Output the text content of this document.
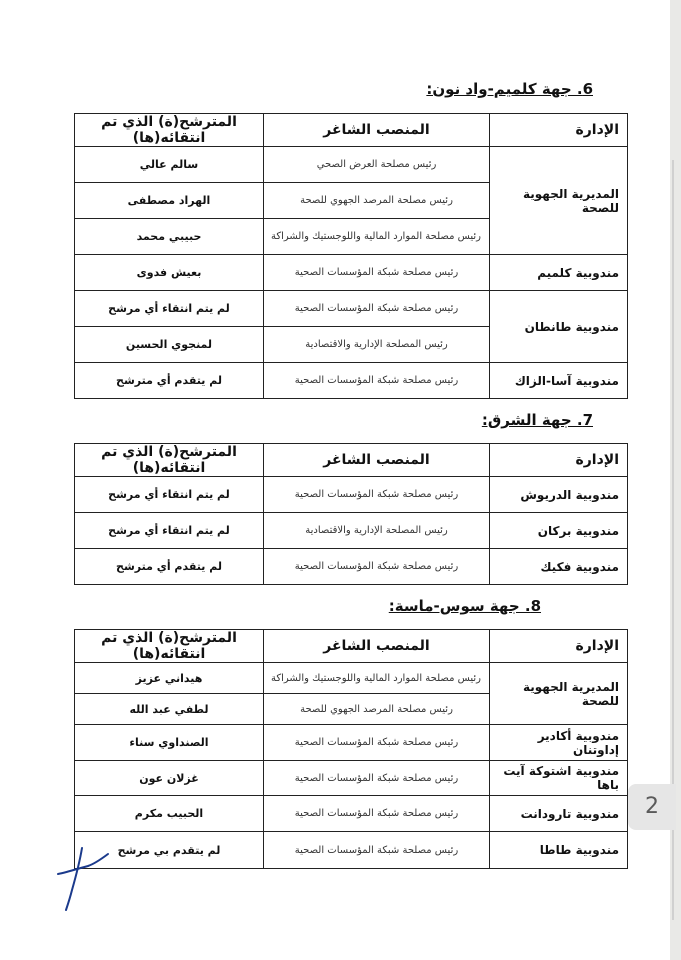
6. جهة كلميم-واد نون:
الإدارة	المنصب الشاغر	المترشح(ة) الذي تم انتقائه(ها)
المديرية الجهوية للصحة	رئيس مصلحة العرض الصحي	سالم عالي
	رئيس مصلحة المرصد الجهوي للصحة	الهراد مصطفى
	رئيس مصلحة الموارد المالية واللوجستيك والشراكة	حبيبي محمد
مندوبية كلميم	رئيس مصلحة شبكة المؤسسات الصحية	بعيش فدوى
مندوبية طانطان	رئيس مصلحة شبكة المؤسسات الصحية	لم يتم انتقاء أي مرشح
	رئيس المصلحة الإدارية والاقتصادية	لمنجوي الحسين
مندوبية آسا-الزاك	رئيس مصلحة شبكة المؤسسات الصحية	لم يتقدم أي مترشح
7. جهة الشرق:
الإدارة	المنصب الشاغر	المترشح(ة) الذي تم انتقائه(ها)
مندوبية الدريوش	رئيس مصلحة شبكة المؤسسات الصحية	لم يتم انتقاء أي مرشح
مندوبية بركان	رئيس المصلحة الإدارية والاقتصادية	لم يتم انتقاء أي مرشح
مندوبية فكيك	رئيس مصلحة شبكة المؤسسات الصحية	لم يتقدم أي مترشح
8. جهة سوس-ماسة:
الإدارة	المنصب الشاغر	المترشح(ة) الذي تم انتقائه(ها)
المديرية الجهوية للصحة	رئيس مصلحة الموارد المالية واللوجستيك والشراكة	هيداني عزيز
	رئيس مصلحة المرصد الجهوي للصحة	لطفي عبد الله
مندوبية أكادير إداوتنان	رئيس مصلحة شبكة المؤسسات الصحية	الصنداوي سناء
مندوبية اشتوكة آيت باها	رئيس مصلحة شبكة المؤسسات الصحية	غزلان عون
مندوبية تارودانت	رئيس مصلحة شبكة المؤسسات الصحية	الحبيب مكرم
مندوبية طاطا	رئيس مصلحة شبكة المؤسسات الصحية	لم يتقدم بي مرشح
2
